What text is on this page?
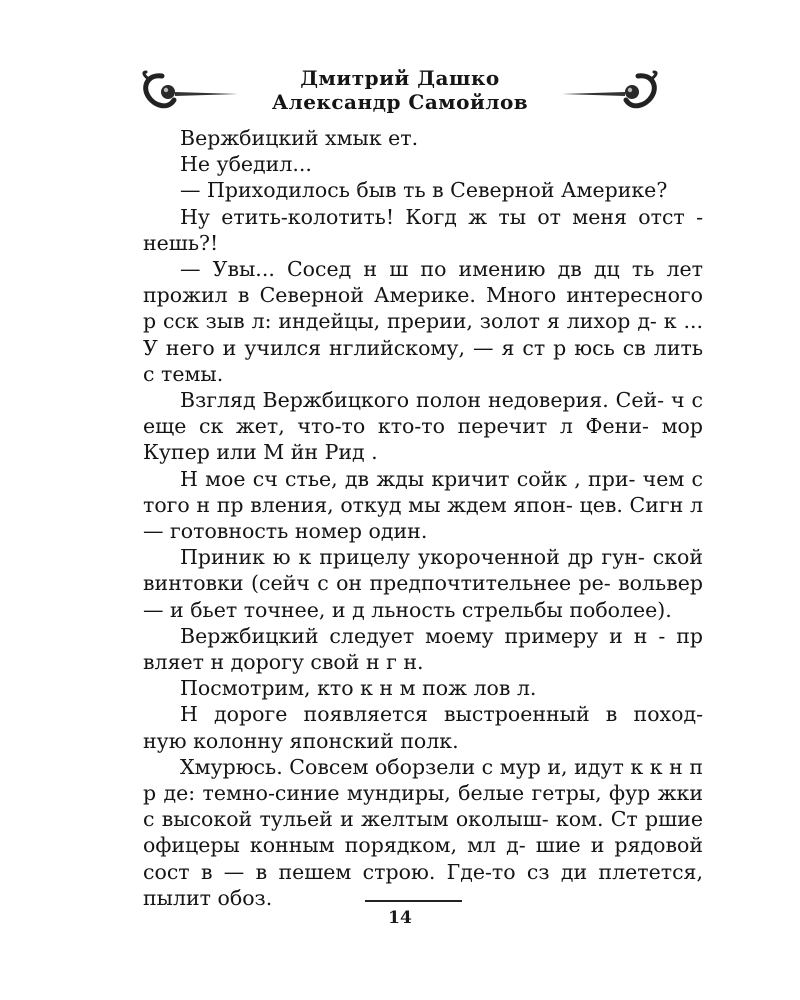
Дмитрий Дашко
Александр Самойлов

Вержбицкий хмык ет.

Не убедил...

— Приходилось быв ть в Северной Америке?

Ну етить-колотить! Когд ж ты от меня отст - нешь?!

— Увы... Сосед н ш по имению дв дц ть лет прожил в Северной Америке. Много интересного р сск зыв л: индейцы, прерии, золот я лихор д- к ... У него и учился нглийскому, — я ст р юсь св лить с темы.

Взгляд Вержбицкого полон недоверия. Сей- ч с еще ск жет, что-то кто-то перечит л Фени- мор Купер или М йн Рид .

Н мое сч стье, дв жды кричит сойк , при- чем с того н пр вления, откуд мы ждем япон- цев. Сигн л — готовность номер один.

Приник ю к прицелу укороченной др гун- ской винтовки (сейч с он предпочтительнее ре- вольвер — и бьет точнее, и д льность стрельбы поболее).

Вержбицкий следует моему примеру и н - пр вляет н дорогу свой н г н.

Посмотрим, кто к н м пож лов л.

Н дороге появляется выстроенный в поход- ную колонну японский полк.

Хмурюсь. Совсем оборзели с мур и, идут к к н п р де: темно-синие мундиры, белые гетры, фур жки с высокой тульей и желтым околыш- ком. Ст ршие офицеры конным порядком, мл д- шие и рядовой сост в — в пешем строю. Где-то сз ди плетется, пылит обоз.

14
